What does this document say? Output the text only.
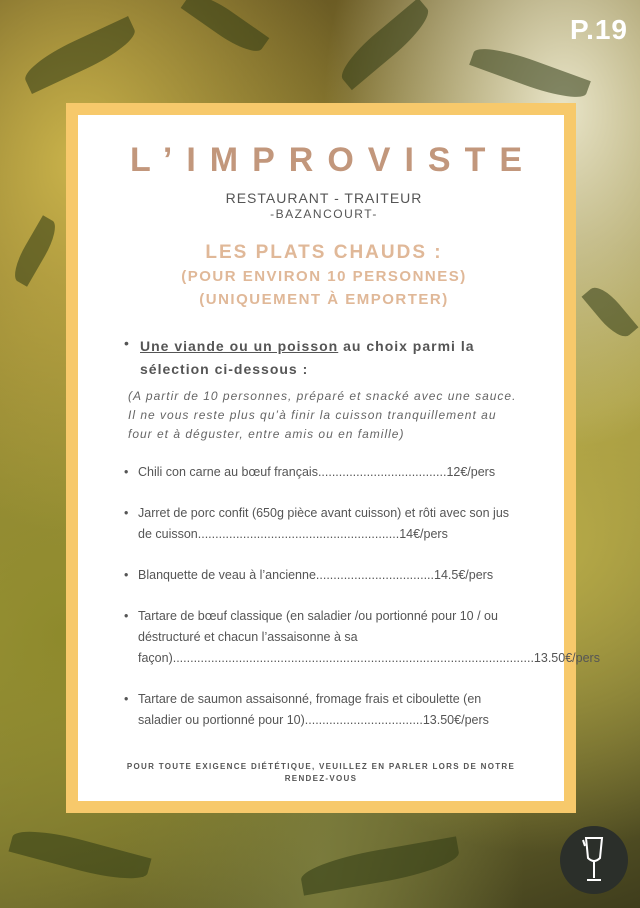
P.19
L’IMPROVISTE
RESTAURANT - TRAITEUR
-BAZANCOURT-
LES PLATS CHAUDS :
(POUR ENVIRON 10 PERSONNES)
(UNIQUEMENT À EMPORTER)
• Une viande ou un poisson au choix parmi la sélection ci-dessous :
(A partir de 10 personnes, préparé et snacké avec une sauce. Il ne vous reste plus qu’à finir la cuisson tranquillement au four et à déguster, entre amis ou en famille)
• Chili con carne au bœuf français.....................................12€/pers
• Jarret de porc confit (650g pièce avant cuisson) et rôti avec son jus de cuisson..........................................................14€/pers
• Blanquette de veau à l’ancienne..................................14.5€/pers
• Tartare de bœuf classique (en saladier /ou portionné pour 10 / ou déstructuré et chacun l’assaisonne à sa façon)........................................................................................................13.50€/pers
• Tartare de saumon assaisonné, fromage frais et ciboulette (en saladier ou portionné pour 10)..................................13.50€/pers
POUR TOUTE EXIGENCE DIÉTÉTIQUE, VEUILLEZ EN PARLER LORS DE NOTRE RENDEZ-VOUS
